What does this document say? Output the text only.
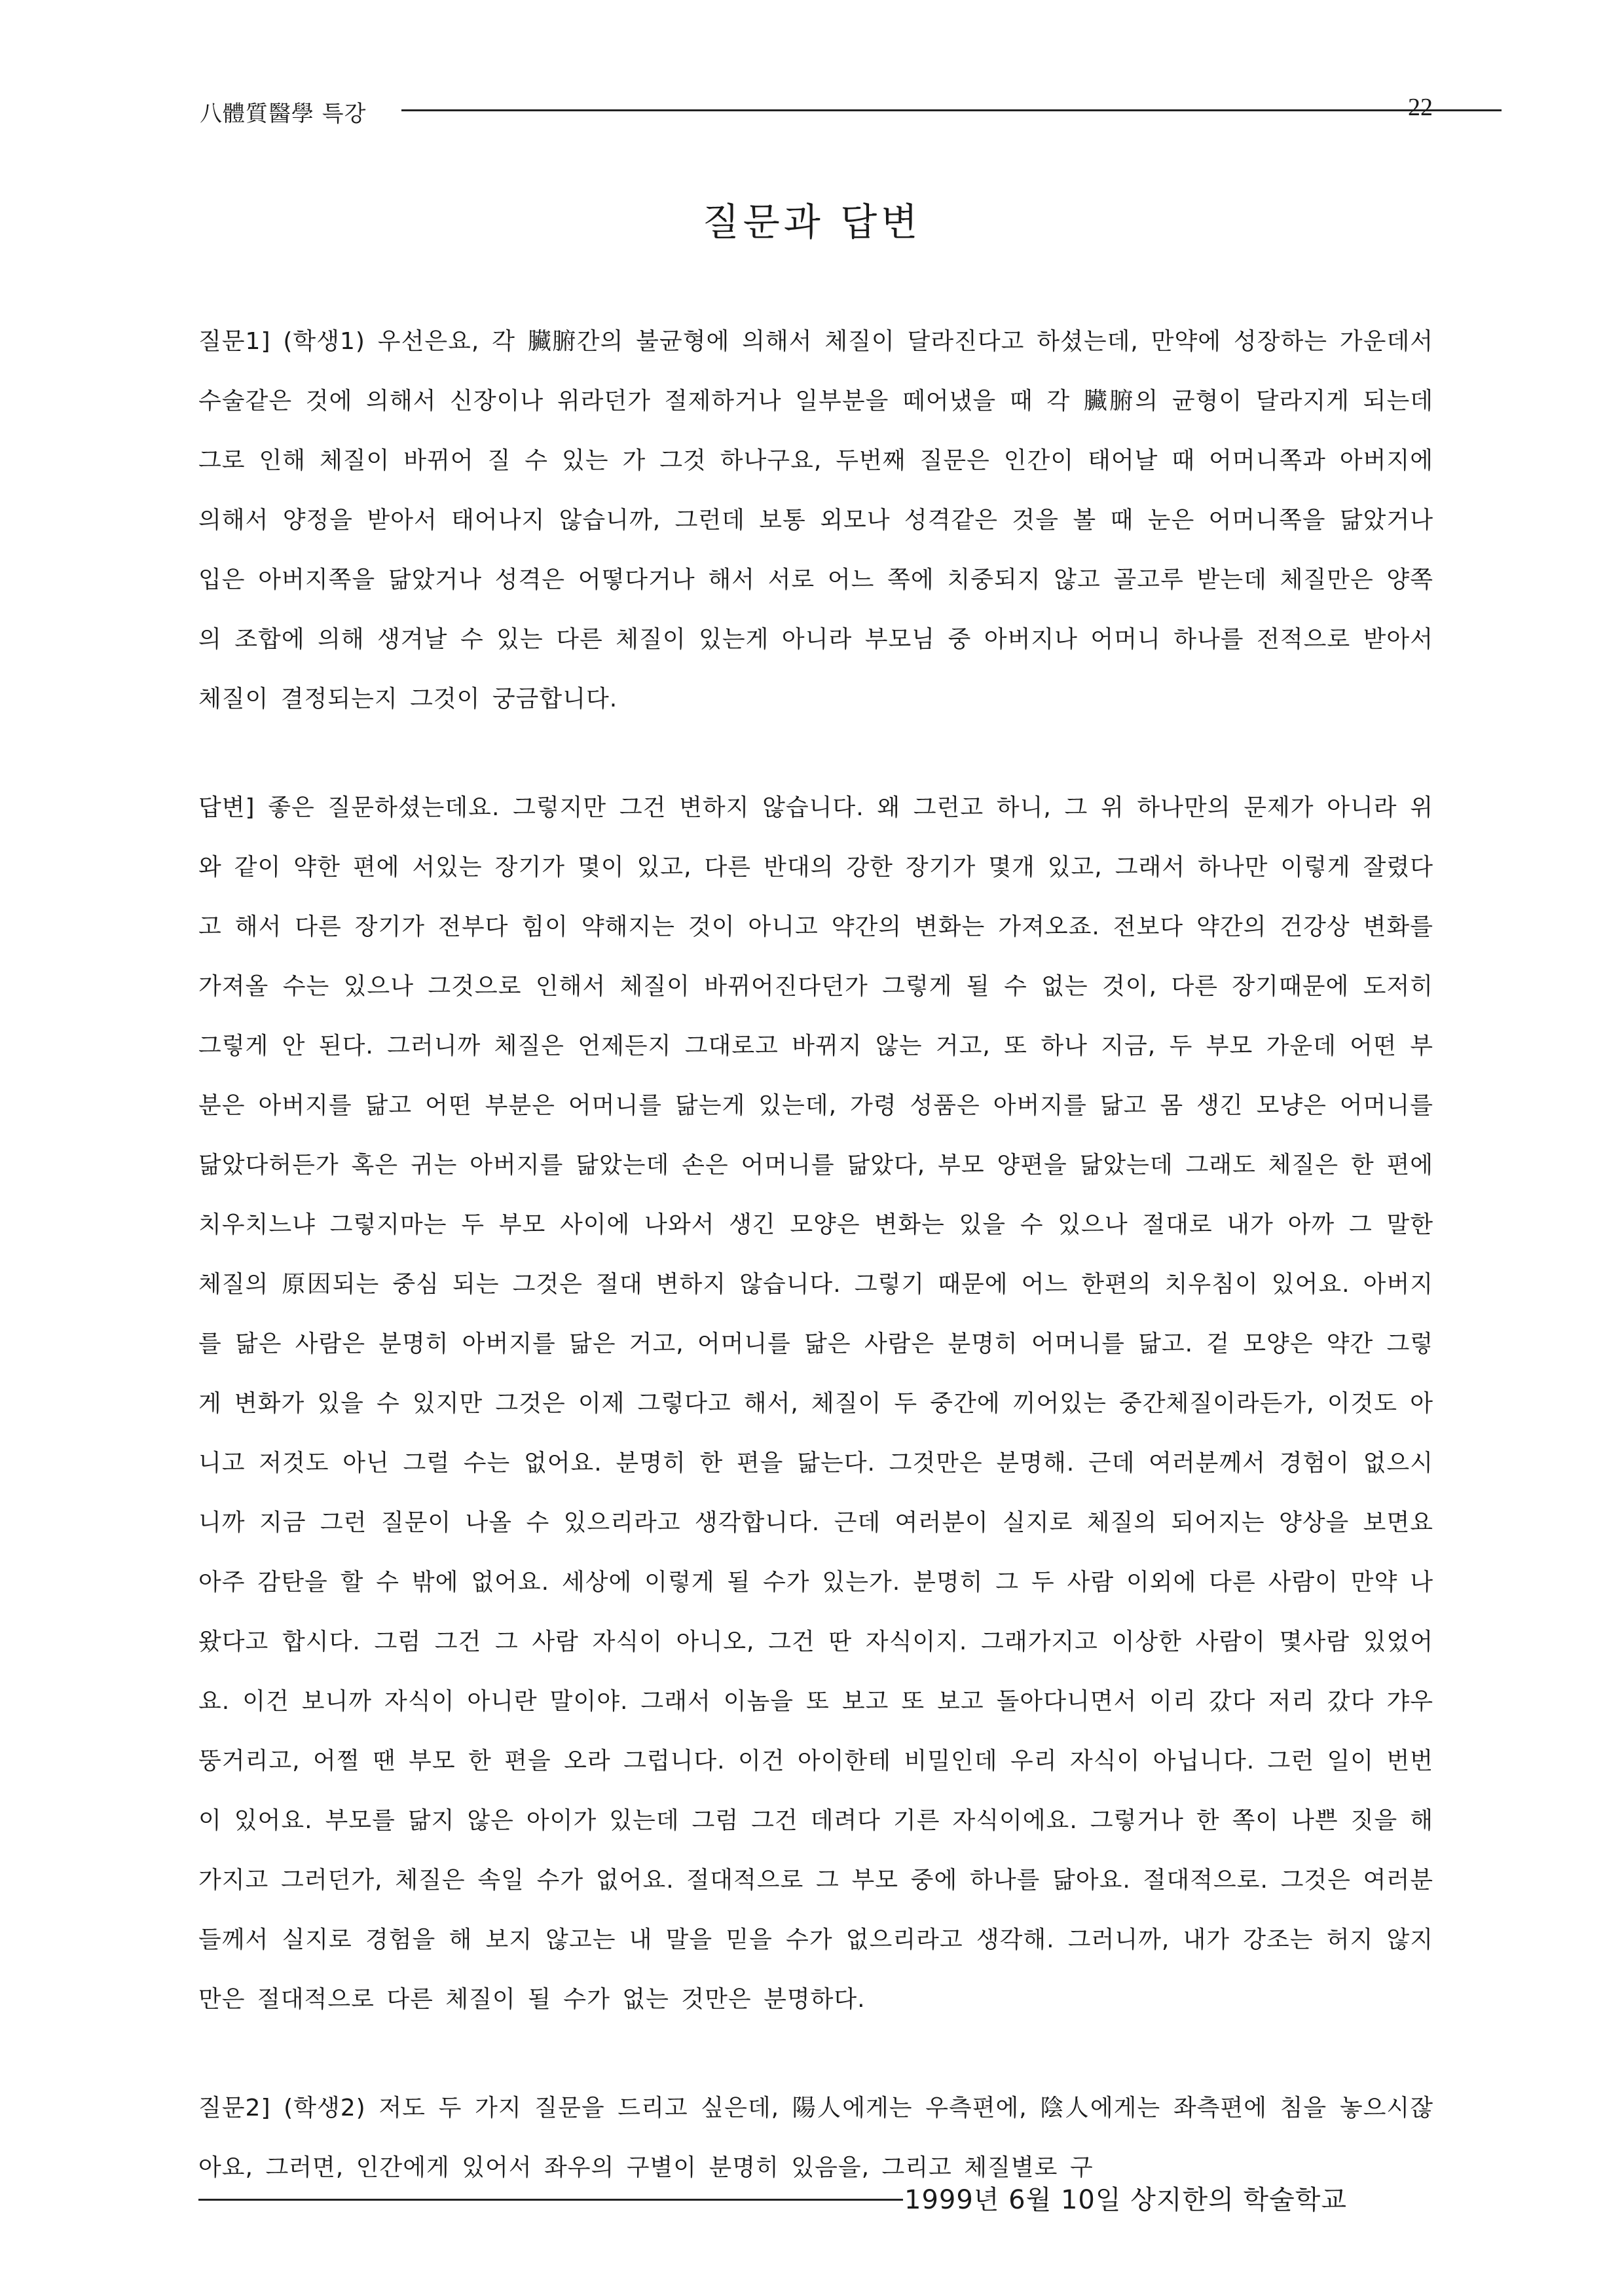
八體質醫學 특강	22
질문과 답변

질문1] (학생1) 우선은요, 각 臟腑간의 불균형에 의해서 체질이 달라진다고 하셨는데, 만약에 성장하는 가운데서 수술같은 것에 의해서 신장이나 위라던가 절제하거나 일부분을 떼어냈을 때 각 臟腑의 균형이 달라지게 되는데 그로 인해 체질이 바뀌어 질 수 있는 가 그것 하나구요, 두번째 질문은 인간이 태어날 때 어머니쪽과 아버지에 의해서 양정을 받아서 태어나지 않습니까, 그런데 보통 외모나 성격같은 것을 볼 때 눈은 어머니쪽을 닮았거나 입은 아버지쪽을 닮았거나 성격은 어떻다거나 해서 서로 어느 쪽에 치중되지 않고 골고루 받는데 체질만은 양쪽의 조합에 의해 생겨날 수 있는 다른 체질이 있는게 아니라 부모님 중 아버지나 어머니 하나를 전적으로 받아서 체질이 결정되는지 그것이 궁금합니다.

답변] 좋은 질문하셨는데요. 그렇지만 그건 변하지 않습니다. 왜 그런고 하니, 그 위 하나만의 문제가 아니라 위와 같이 약한 편에 서있는 장기가 몇이 있고, 다른 반대의 강한 장기가 몇개 있고, 그래서 하나만 이렇게 잘렸다고 해서 다른 장기가 전부다 힘이 약해지는 것이 아니고 약간의 변화는 가져오죠. 전보다 약간의 건강상 변화를 가져올 수는 있으나 그것으로 인해서 체질이 바뀌어진다던가 그렇게 될 수 없는 것이, 다른 장기때문에 도저히 그렇게 안 된다. 그러니까 체질은 언제든지 그대로고 바뀌지 않는 거고, 또 하나 지금, 두 부모 가운데 어떤 부분은 아버지를 닮고 어떤 부분은 어머니를 닮는게 있는데, 가령 성품은 아버지를 닮고 몸 생긴 모냥은 어머니를 닮았다허든가 혹은 귀는 아버지를 닮았는데 손은 어머니를 닮았다, 부모 양편을 닮았는데 그래도 체질은 한 편에 치우치느냐 그렇지마는 두 부모 사이에 나와서 생긴 모양은 변화는 있을 수 있으나 절대로 내가 아까 그 말한 체질의 原因되는 중심 되는 그것은 절대 변하지 않습니다. 그렇기 때문에 어느 한편의 치우침이 있어요. 아버지를 닮은 사람은 분명히 아버지를 닮은 거고, 어머니를 닮은 사람은 분명히 어머니를 닮고. 겉 모양은 약간 그렇게 변화가 있을 수 있지만 그것은 이제 그렇다고 해서, 체질이 두 중간에 끼어있는 중간체질이라든가, 이것도 아니고 저것도 아닌 그럴 수는 없어요. 분명히 한 편을 닮는다. 그것만은 분명해. 근데 여러분께서 경험이 없으시니까 지금 그런 질문이 나올 수 있으리라고 생각합니다. 근데 여러분이 실지로 체질의 되어지는 양상을 보면요 아주 감탄을 할 수 밖에 없어요. 세상에 이렇게 될 수가 있는가. 분명히 그 두 사람 이외에 다른 사람이 만약 나왔다고 합시다. 그럼 그건 그 사람 자식이 아니오, 그건 딴 자식이지. 그래가지고 이상한 사람이 몇사람 있었어요. 이건 보니까 자식이 아니란 말이야. 그래서 이놈을 또 보고 또 보고 돌아다니면서 이리 갔다 저리 갔다 갸우뚱거리고, 어쩔 땐 부모 한 편을 오라 그럽니다. 이건 아이한테 비밀인데 우리 자식이 아닙니다. 그런 일이 번번이 있어요. 부모를 닮지 않은 아이가 있는데 그럼 그건 데려다 기른 자식이에요. 그렇거나 한 쪽이 나쁜 짓을 해 가지고 그러던가, 체질은 속일 수가 없어요. 절대적으로 그 부모 중에 하나를 닮아요. 절대적으로. 그것은 여러분들께서 실지로 경험을 해 보지 않고는 내 말을 믿을 수가 없으리라고 생각해. 그러니까, 내가 강조는 허지 않지만은 절대적으로 다른 체질이 될 수가 없는 것만은 분명하다.

질문2] (학생2) 저도 두 가지 질문을 드리고 싶은데, 陽人에게는 우측편에, 陰人에게는 좌측편에 침을 놓으시잖아요, 그러면, 인간에게 있어서 좌우의 구별이 분명히 있음을, 그리고 체질별로 구

1999년 6월 10일 상지한의 학술학교
